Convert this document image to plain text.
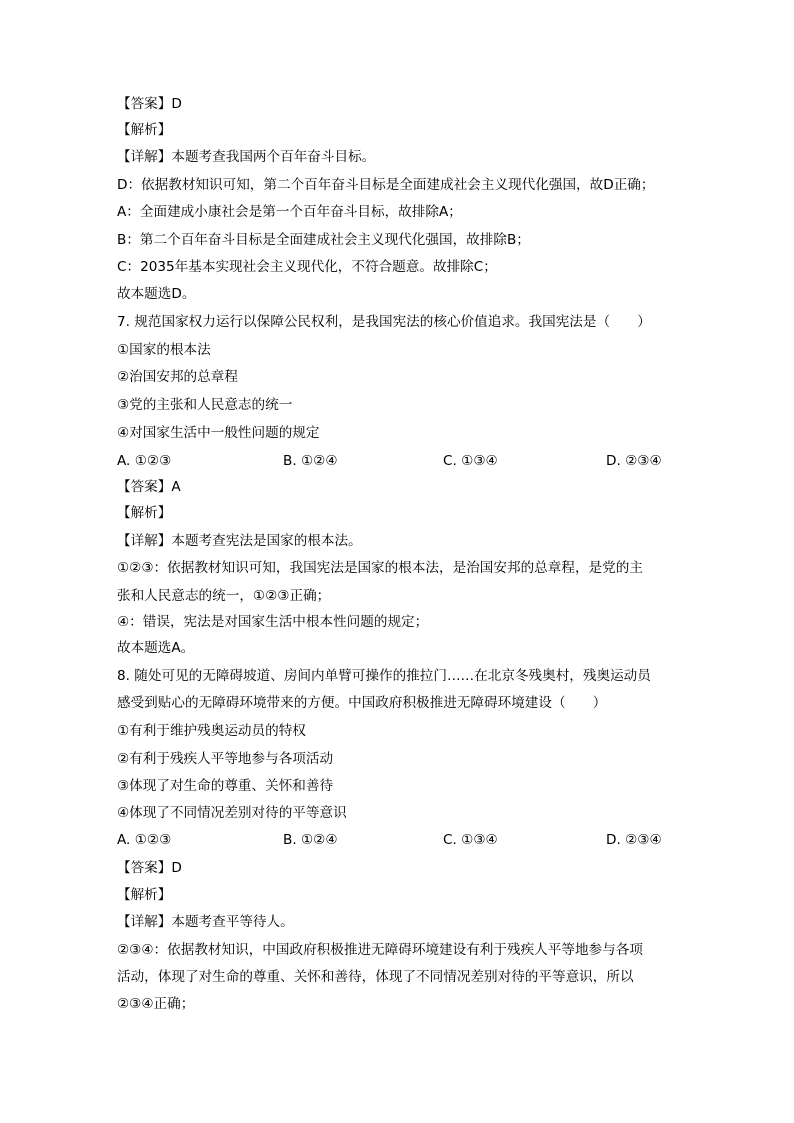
【答案】D
【解析】
【详解】本题考查我国两个百年奋斗目标。
D：依据教材知识可知，第二个百年奋斗目标是全面建成社会主义现代化强国，故D正确；
A：全面建成小康社会是第一个百年奋斗目标，故排除A；
B：第二个百年奋斗目标是全面建成社会主义现代化强国，故排除B；
C：2035年基本实现社会主义现代化，不符合题意。故排除C；
故本题选D。
7. 规范国家权力运行以保障公民权利，是我国宪法的核心价值追求。我国宪法是（　　）
①国家的根本法
②治国安邦的总章程
③党的主张和人民意志的统一
④对国家生活中一般性问题的规定
A. ①②③	B. ①②④	C. ①③④	D. ②③④
【答案】A
【解析】
【详解】本题考查宪法是国家的根本法。
①②③：依据教材知识可知，我国宪法是国家的根本法，是治国安邦的总章程，是党的主
张和人民意志的统一，①②③正确；
④：错误，宪法是对国家生活中根本性问题的规定；
故本题选A。
8. 随处可见的无障碍坡道、房间内单臂可操作的推拉门……在北京冬残奥村，残奥运动员
感受到贴心的无障碍环境带来的方便。中国政府积极推进无障碍环境建设（　　）
①有利于维护残奥运动员的特权
②有利于残疾人平等地参与各项活动
③体现了对生命的尊重、关怀和善待
④体现了不同情况差别对待的平等意识
A. ①②③	B. ①②④	C. ①③④	D. ②③④
【答案】D
【解析】
【详解】本题考查平等待人。
②③④：依据教材知识，中国政府积极推进无障碍环境建设有利于残疾人平等地参与各项
活动，体现了对生命的尊重、关怀和善待，体现了不同情况差别对待的平等意识，所以
②③④正确；
